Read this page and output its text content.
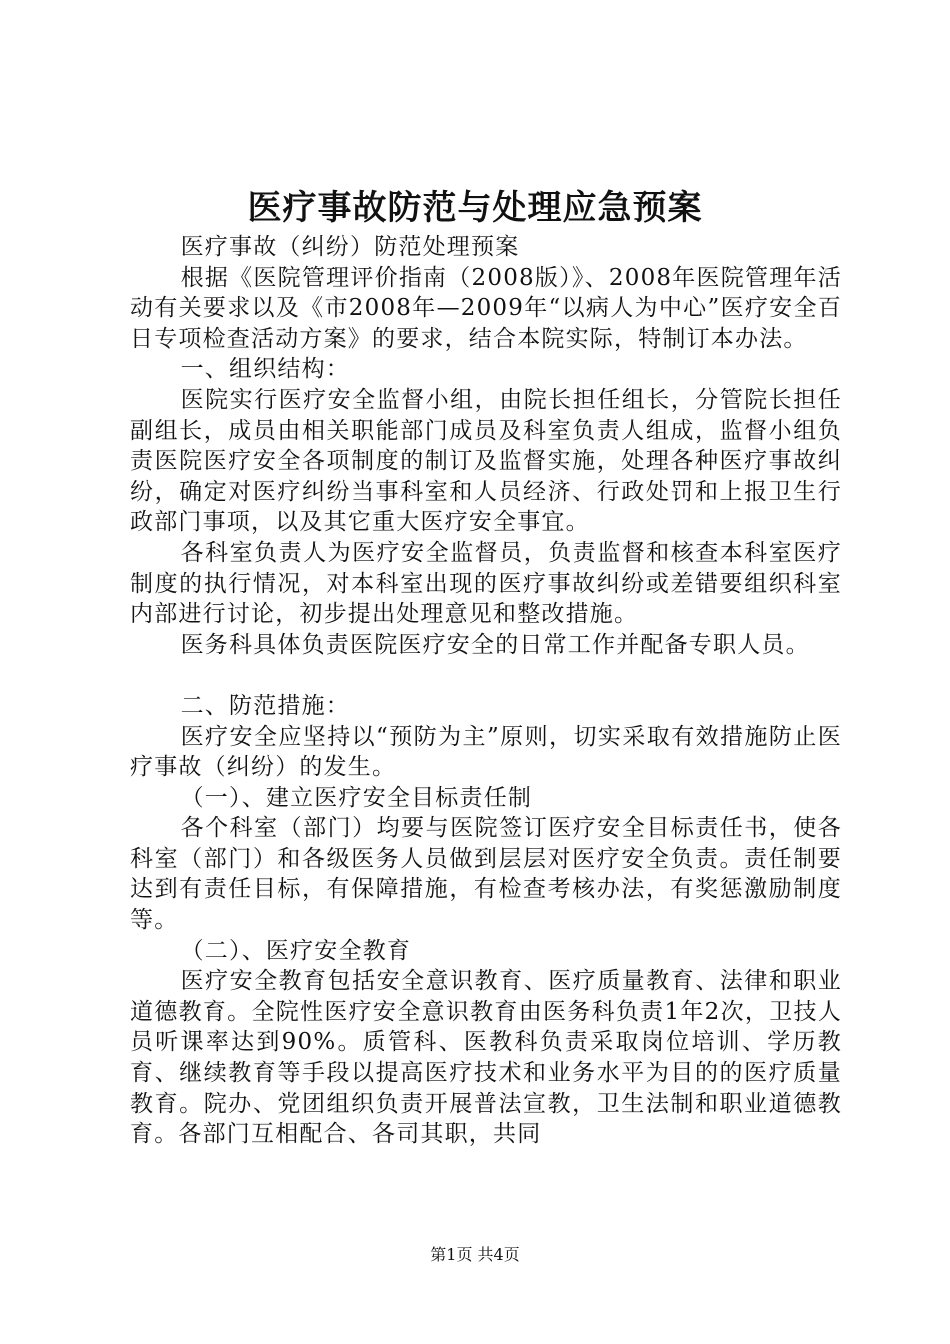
医疗事故防范与处理应急预案

医疗事故（纠纷）防范处理预案

根据《医院管理评价指南（2008版）》、2008年医院管理年活动有关要求以及《市2008年—2009年“以病人为中心”医疗安全百日专项检查活动方案》的要求，结合本院实际，特制订本办法。

一、组织结构：

医院实行医疗安全监督小组，由院长担任组长，分管院长担任副组长，成员由相关职能部门成员及科室负责人组成，监督小组负责医院医疗安全各项制度的制订及监督实施，处理各种医疗事故纠纷，确定对医疗纠纷当事科室和人员经济、行政处罚和上报卫生行政部门事项，以及其它重大医疗安全事宜。

各科室负责人为医疗安全监督员，负责监督和核查本科室医疗制度的执行情况，对本科室出现的医疗事故纠纷或差错要组织科室内部进行讨论，初步提出处理意见和整改措施。

医务科具体负责医院医疗安全的日常工作并配备专职人员。

二、防范措施：

医疗安全应坚持以“预防为主”原则，切实采取有效措施防止医疗事故（纠纷）的发生。

（一）、建立医疗安全目标责任制

各个科室（部门）均要与医院签订医疗安全目标责任书，使各科室（部门）和各级医务人员做到层层对医疗安全负责。责任制要达到有责任目标，有保障措施，有检查考核办法，有奖惩激励制度等。

（二）、医疗安全教育

医疗安全教育包括安全意识教育、医疗质量教育、法律和职业道德教育。全院性医疗安全意识教育由医务科负责1年2次，卫技人员听课率达到90%。质管科、医教科负责采取岗位培训、学历教育、继续教育等手段以提高医疗技术和业务水平为目的的医疗质量教育。院办、党团组织负责开展普法宣教，卫生法制和职业道德教育。各部门互相配合、各司其职，共同

第1页 共4页
